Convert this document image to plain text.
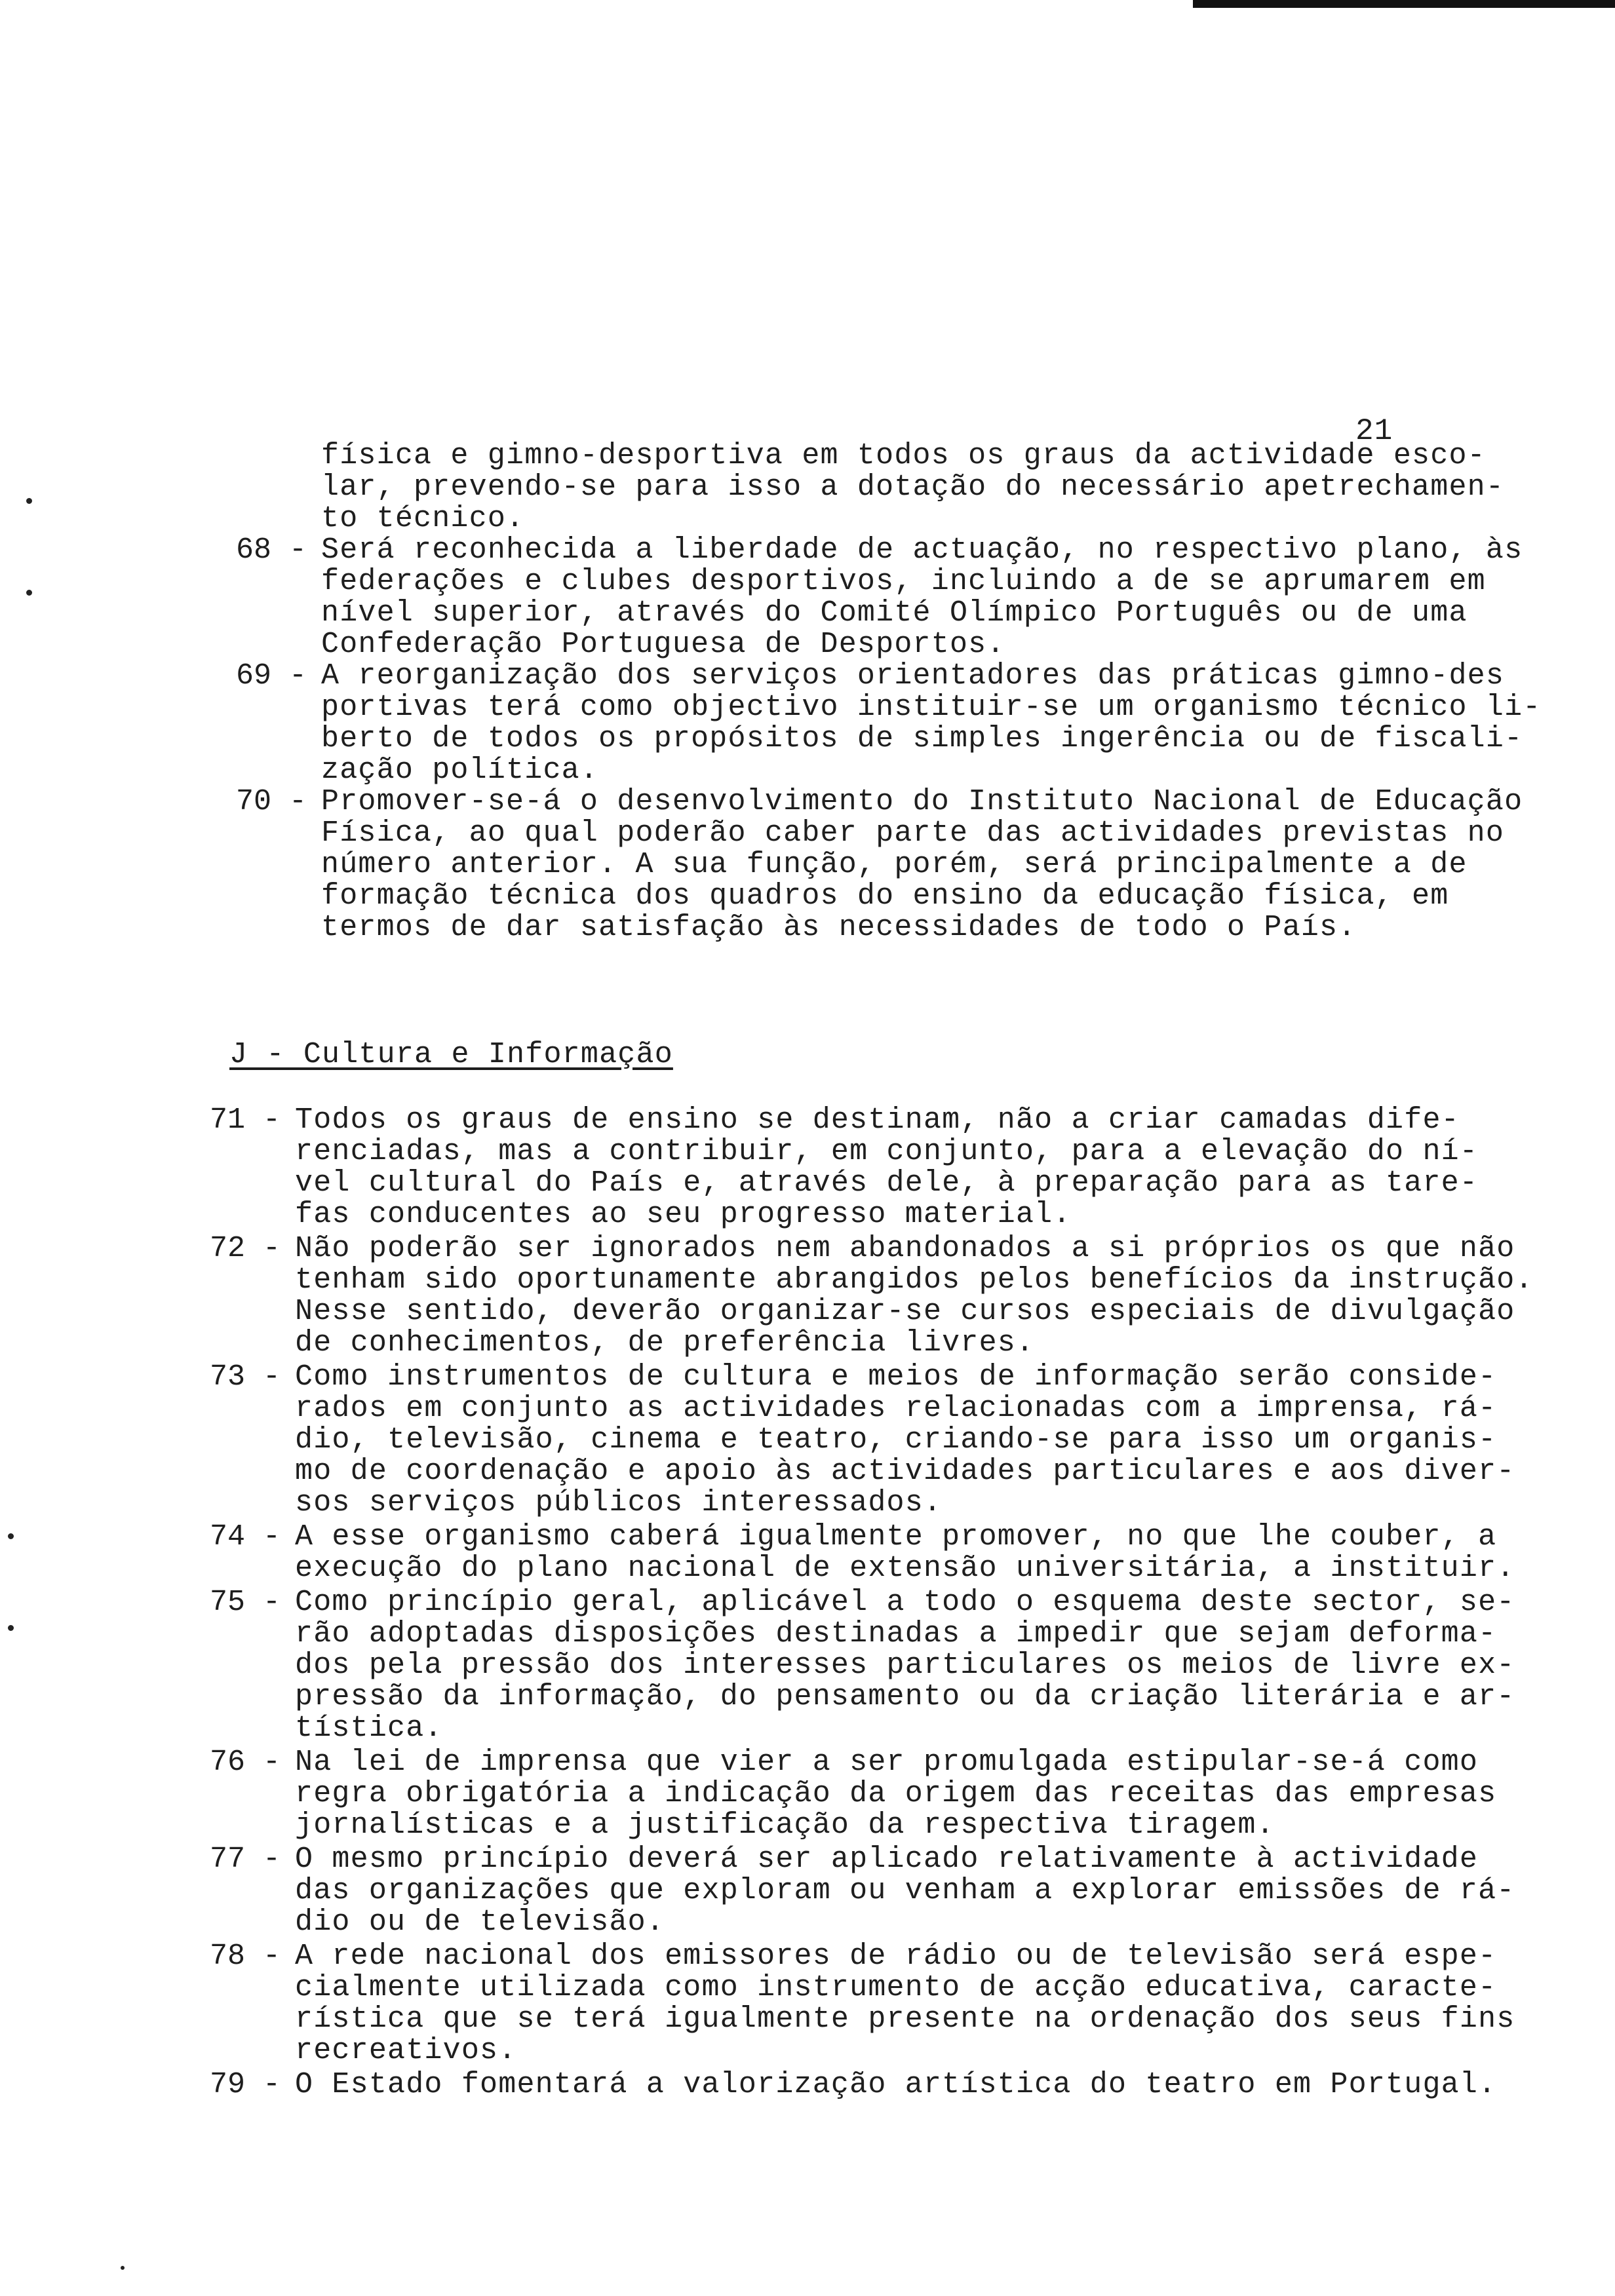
21
física e gimno-desportiva em todos os graus da actividade esco-
lar, prevendo-se para isso a dotação do necessário apetrechamen-
to técnico.
68 - Será reconhecida a liberdade de actuação, no respectivo plano, às
federações e clubes desportivos, incluindo a de se aprumarem em
nível superior, através do Comité Olímpico Português ou de uma
Confederação Portuguesa de Desportos.
69 - A reorganização dos serviços orientadores das práticas gimno-des
portivas terá como objectivo instituir-se um organismo técnico li-
berto de todos os propósitos de simples ingerência ou de fiscali-
zação política.
70 - Promover-se-á o desenvolvimento do Instituto Nacional de Educação
Física, ao qual poderão caber parte das actividades previstas no
número anterior. A sua função, porém, será principalmente a de
formação técnica dos quadros do ensino da educação física, em
termos de dar satisfação às necessidades de todo o País.
J - Cultura e Informação
71 - Todos os graus de ensino se destinam, não a criar camadas dife-
renciadas, mas a contribuir, em conjunto, para a elevação do ní-
vel cultural do País e, através dele, à preparação para as tare-
fas conducentes ao seu progresso material.
72 - Não poderão ser ignorados nem abandonados a si próprios os que não
tenham sido oportunamente abrangidos pelos benefícios da instrução.
Nesse sentido, deverão organizar-se cursos especiais de divulgação
de conhecimentos, de preferência livres.
73 - Como instrumentos de cultura e meios de informação serão conside-
rados em conjunto as actividades relacionadas com a imprensa, rá-
dio, televisão, cinema e teatro, criando-se para isso um organis-
mo de coordenação e apoio às actividades particulares e aos diver-
sos serviços públicos interessados.
74 - A esse organismo caberá igualmente promover, no que lhe couber, a
execução do plano nacional de extensão universitária, a instituir.
75 - Como princípio geral, aplicável a todo o esquema deste sector, se-
rão adoptadas disposições destinadas a impedir que sejam deforma-
dos pela pressão dos interesses particulares os meios de livre ex-
pressão da informação, do pensamento ou da criação literária e ar-
tística.
76 - Na lei de imprensa que vier a ser promulgada estipular-se-á como
regra obrigatória a indicação da origem das receitas das empresas
jornalísticas e a justificação da respectiva tiragem.
77 - O mesmo princípio deverá ser aplicado relativamente à actividade
das organizações que exploram ou venham a explorar emissões de rá-
dio ou de televisão.
78 - A rede nacional dos emissores de rádio ou de televisão será espe-
cialmente utilizada como instrumento de acção educativa, caracte-
rística que se terá igualmente presente na ordenação dos seus fins
recreativos.
79 - O Estado fomentará a valorização artística do teatro em Portugal.
